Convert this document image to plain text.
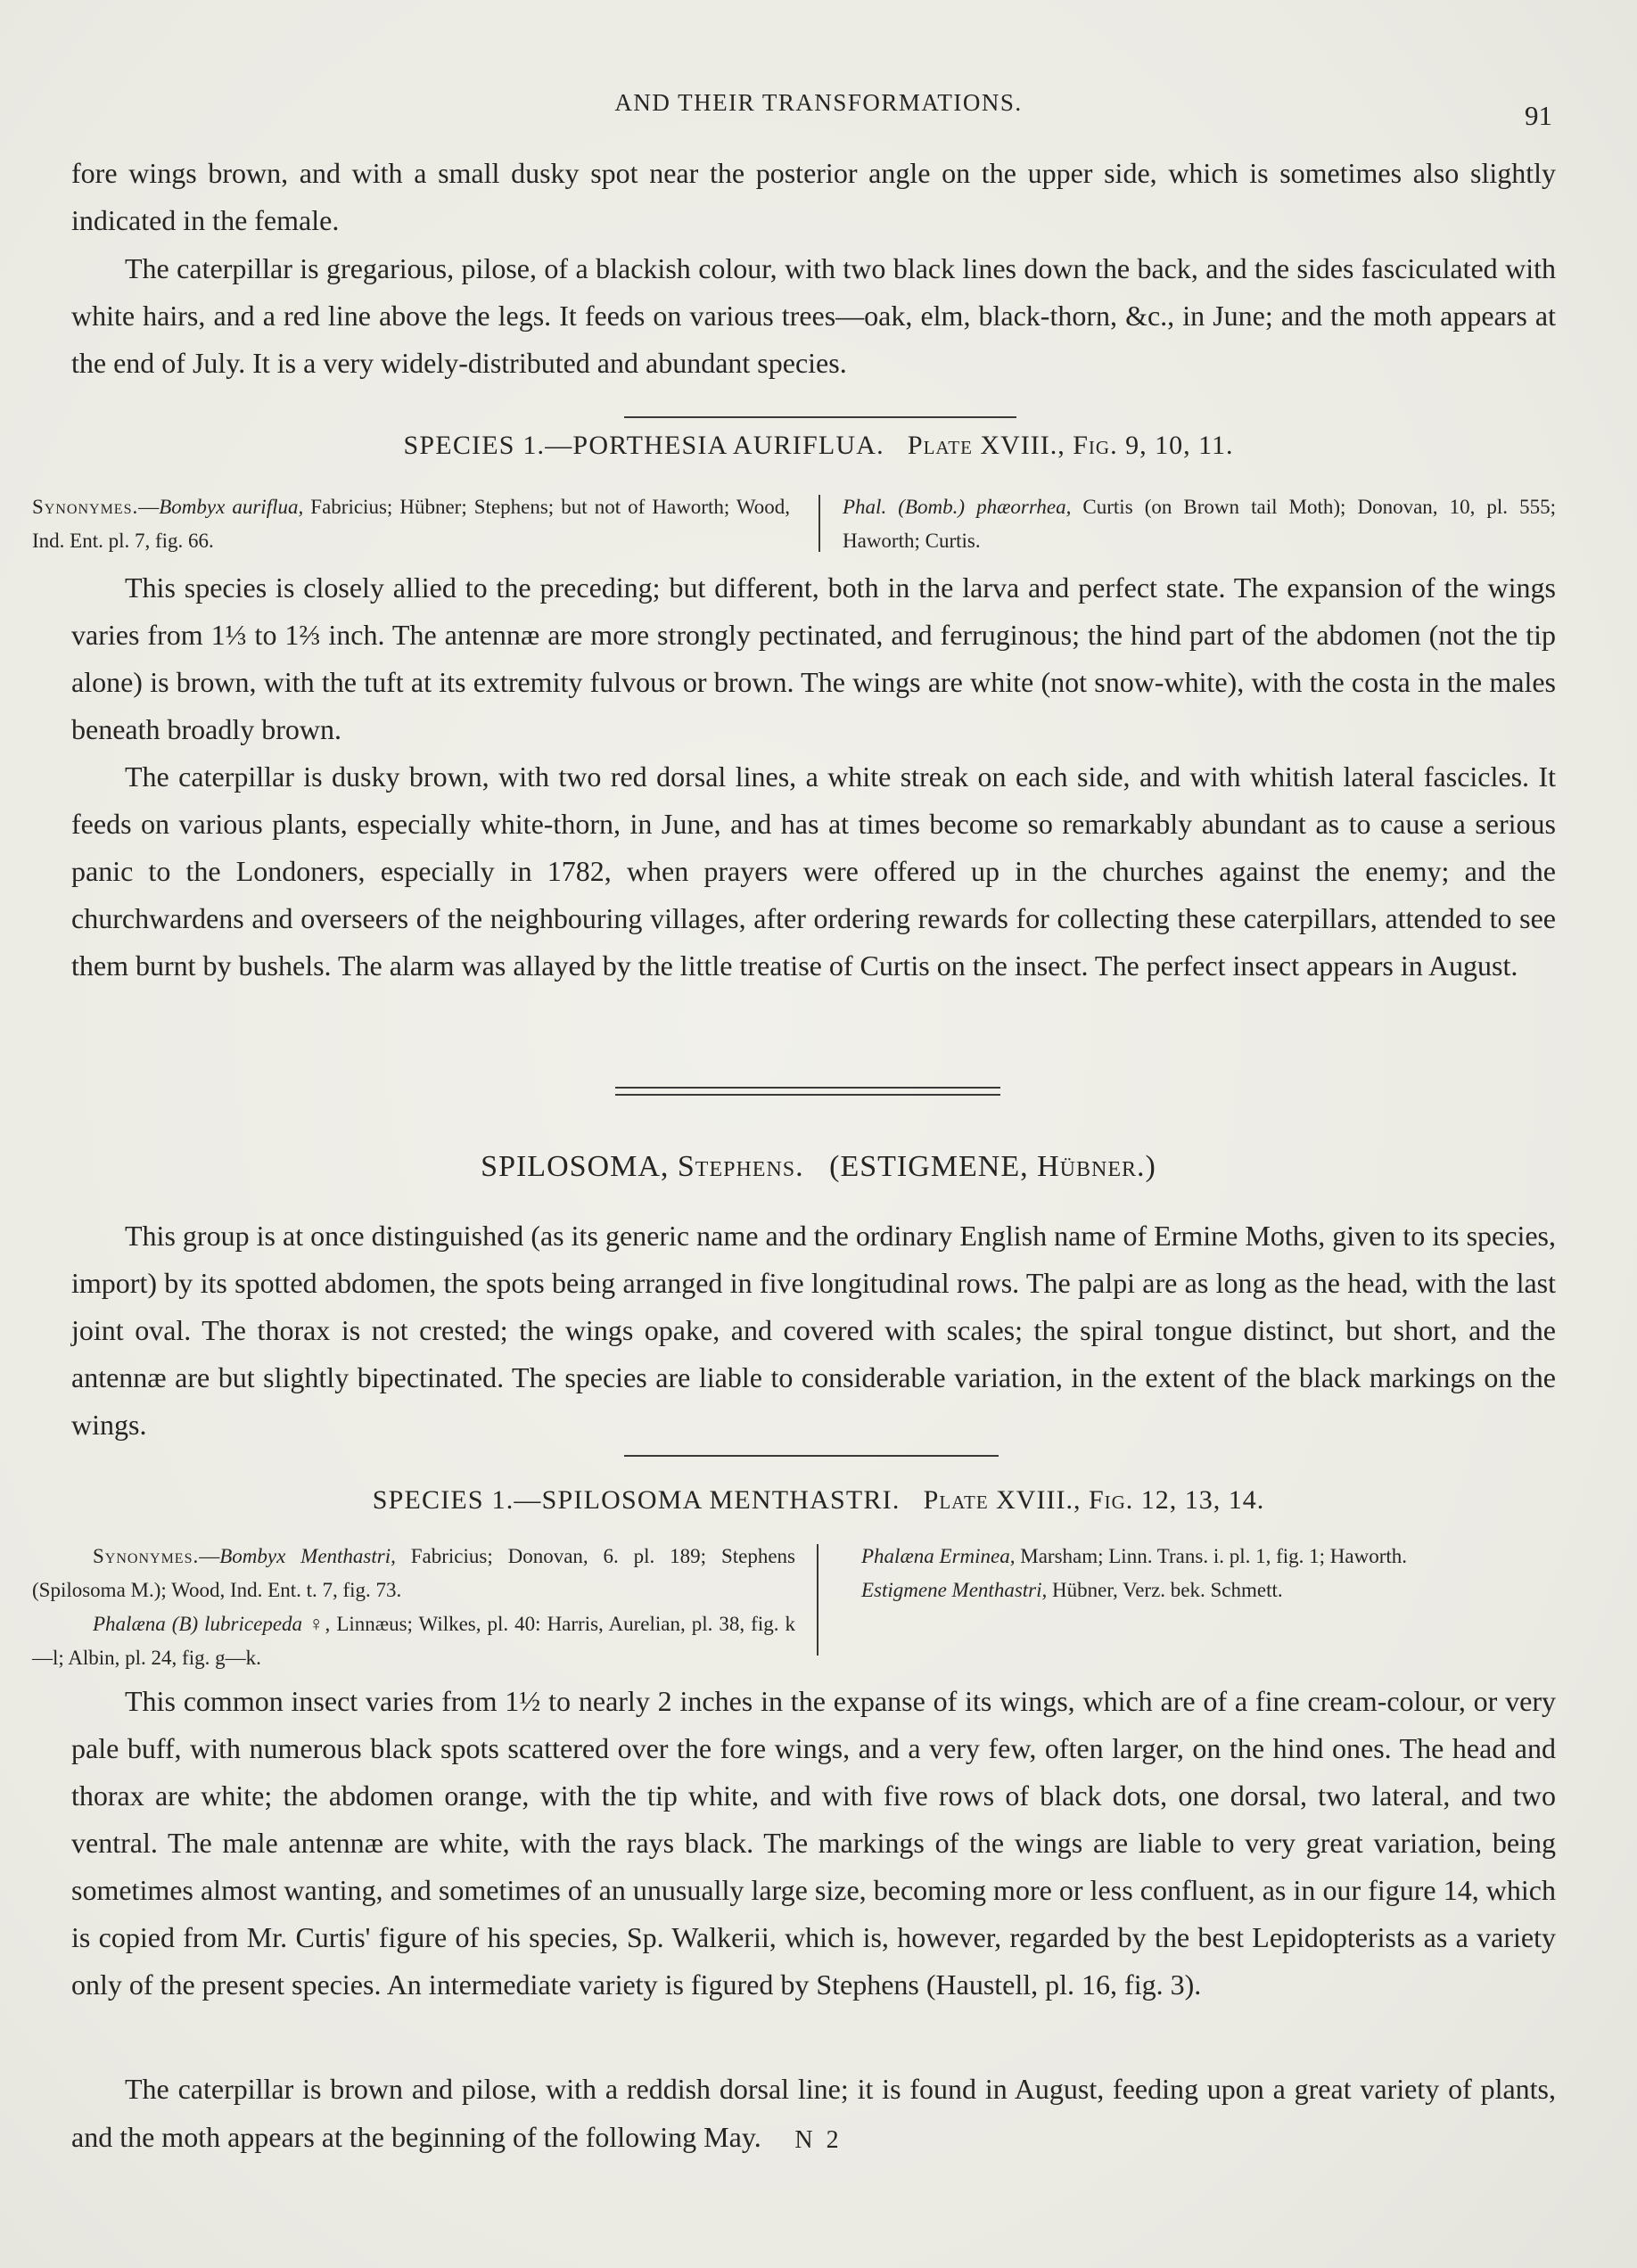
AND THEIR TRANSFORMATIONS.	91

fore wings brown, and with a small dusky spot near the posterior angle on the upper side, which is sometimes also slightly indicated in the female.

The caterpillar is gregarious, pilose, of a blackish colour, with two black lines down the back, and the sides fasciculated with white hairs, and a red line above the legs. It feeds on various trees—oak, elm, black-thorn, &c., in June; and the moth appears at the end of July. It is a very widely-distributed and abundant species.

SPECIES 1.—PORTHESIA AURIFLUA. Plate XVIII., Fig. 9, 10, 11.

Synonymes.—Bombyx auriflua, Fabricius; Hübner; Stephens; but not of Haworth; Wood, Ind. Ent. pl. 7, fig. 66.

Phal. (Bomb.) phæorrhea, Curtis (on Brown tail Moth); Donovan, 10, pl. 555; Haworth; Curtis.

This species is closely allied to the preceding; but different, both in the larva and perfect state. The expansion of the wings varies from 1⅓ to 1⅔ inch. The antennæ are more strongly pectinated, and ferruginous; the hind part of the abdomen (not the tip alone) is brown, with the tuft at its extremity fulvous or brown. The wings are white (not snow-white), with the costa in the males beneath broadly brown.

The caterpillar is dusky brown, with two red dorsal lines, a white streak on each side, and with whitish lateral fascicles. It feeds on various plants, especially white-thorn, in June, and has at times become so remarkably abundant as to cause a serious panic to the Londoners, especially in 1782, when prayers were offered up in the churches against the enemy; and the churchwardens and overseers of the neighbouring villages, after ordering rewards for collecting these caterpillars, attended to see them burnt by bushels. The alarm was allayed by the little treatise of Curtis on the insect. The perfect insect appears in August.

SPILOSOMA, Stephens. (ESTIGMENE, Hübner.)

This group is at once distinguished (as its generic name and the ordinary English name of Ermine Moths, given to its species, import) by its spotted abdomen, the spots being arranged in five longitudinal rows. The palpi are as long as the head, with the last joint oval. The thorax is not crested; the wings opake, and covered with scales; the spiral tongue distinct, but short, and the antennæ are but slightly bipectinated. The species are liable to considerable variation, in the extent of the black markings on the wings.

SPECIES 1.—SPILOSOMA MENTHASTRI. Plate XVIII., Fig. 12, 13, 14.

Synonymes.—Bombyx Menthastri, Fabricius; Donovan, 6. pl. 189; Stephens (Spilosoma M.); Wood, Ind. Ent. t. 7, fig. 73.

Phalæna (B) lubricepeda ♀, Linnæus; Wilkes, pl. 40: Harris, Aurelian, pl. 38, fig. k—l; Albin, pl. 24, fig. g—k.

Phalæna Erminea, Marsham; Linn. Trans. i. pl. 1, fig. 1; Haworth.

Estigmene Menthastri, Hübner, Verz. bek. Schmett.

This common insect varies from 1½ to nearly 2 inches in the expanse of its wings, which are of a fine cream-colour, or very pale buff, with numerous black spots scattered over the fore wings, and a very few, often larger, on the hind ones. The head and thorax are white; the abdomen orange, with the tip white, and with five rows of black dots, one dorsal, two lateral, and two ventral. The male antennæ are white, with the rays black. The markings of the wings are liable to very great variation, being sometimes almost wanting, and sometimes of an unusually large size, becoming more or less confluent, as in our figure 14, which is copied from Mr. Curtis' figure of his species, Sp. Walkerii, which is, however, regarded by the best Lepidopterists as a variety only of the present species. An intermediate variety is figured by Stephens (Haustell, pl. 16, fig. 3).

The caterpillar is brown and pilose, with a reddish dorsal line; it is found in August, feeding upon a great variety of plants, and the moth appears at the beginning of the following May.	N 2
